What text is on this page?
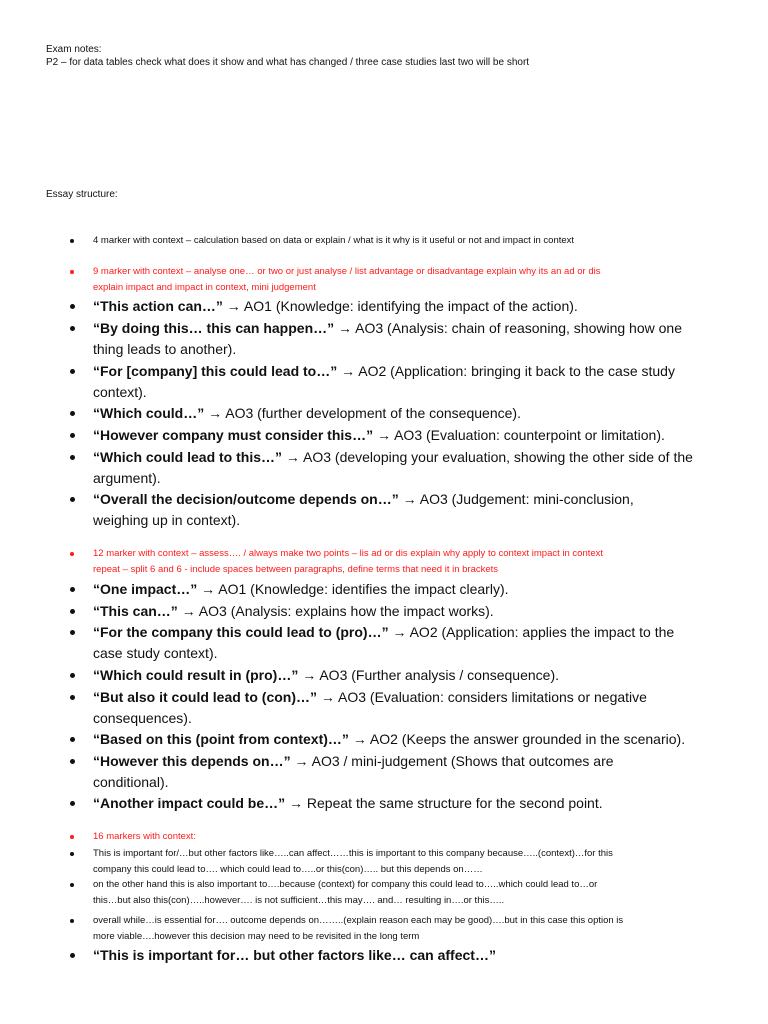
Exam notes:
P2 – for data tables check what does it show and what has changed / three case studies last two will be short
Essay structure:
4 marker with context – calculation based on data or explain / what is it why is it useful or not and impact in context
9 marker with context – analyse one… or two or just analyse / list advantage or disadvantage explain why its an ad or dis
explain impact and impact in context, mini judgement
“This action can…” → AO1 (Knowledge: identifying the impact of the action).
“By doing this… this can happen…” → AO3 (Analysis: chain of reasoning, showing how one
thing leads to another).
“For [company] this could lead to…” → AO2 (Application: bringing it back to the case study
context).
“Which could…” → AO3 (further development of the consequence).
“However company must consider this…” → AO3 (Evaluation: counterpoint or limitation).
“Which could lead to this…” → AO3 (developing your evaluation, showing the other side of the
argument).
“Overall the decision/outcome depends on…” → AO3 (Judgement: mini-conclusion,
weighing up in context).
12 marker with context – assess…. / always make two points – lis ad or dis explain why apply to context impact in context
repeat – split 6 and 6 - include spaces between paragraphs, define terms that need it in brackets
“One impact…” → AO1 (Knowledge: identifies the impact clearly).
“This can…” → AO3 (Analysis: explains how the impact works).
“For the company this could lead to (pro)…” → AO2 (Application: applies the impact to the
case study context).
“Which could result in (pro)…” → AO3 (Further analysis / consequence).
“But also it could lead to (con)…” → AO3 (Evaluation: considers limitations or negative
consequences).
“Based on this (point from context)…” → AO2 (Keeps the answer grounded in the scenario).
“However this depends on…” → AO3 / mini-judgement (Shows that outcomes are
conditional).
“Another impact could be…” → Repeat the same structure for the second point.
16 markers with context:
This is important for/…but other factors like…..can affect……this is important to this company because…..(context)…for this
company this could lead to…. which could lead to…..or this(con)….. but this depends on……
on the other hand this is also important to….because (context) for company this could lead to…..which could lead to…or
this…but also this(con)…..however…. is not sufficient…this may…. and… resulting in….or this…..
overall while…is essential for…. outcome depends on……..(explain reason each may be good)….but in this case this option is
more viable….however this decision may need to be revisited in the long term
“This is important for… but other factors like… can affect…”
